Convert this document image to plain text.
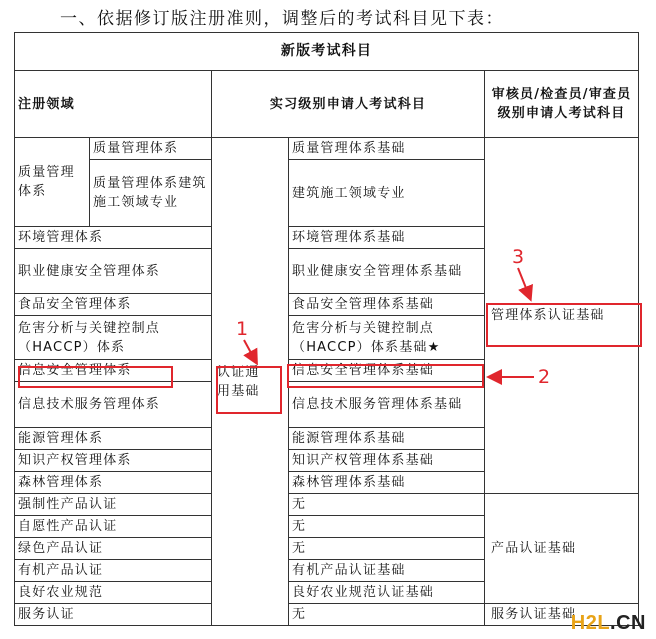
一、依据修订版注册准则，调整后的考试科目见下表：
新版考试科目				
注册领域		实习级别申请人考试科目		审核员/检查员/审查员级别申请人考试科目
质量管理体系	质量管理体系	认证通用基础	质量管理体系基础	管理体系认证基础
	质量管理体系建筑施工领域专业		建筑施工领域专业	
环境管理体系			环境管理体系基础	
职业健康安全管理体系			职业健康安全管理体系基础	
食品安全管理体系			食品安全管理体系基础	
危害分析与关键控制点（HACCP）体系			危害分析与关键控制点（HACCP）体系基础★	
信息安全管理体系			信息安全管理体系基础	
信息技术服务管理体系			信息技术服务管理体系基础	
能源管理体系			能源管理体系基础	
知识产权管理体系			知识产权管理体系基础	
森林管理体系			森林管理体系基础	
强制性产品认证			无	产品认证基础
自愿性产品认证			无	
绿色产品认证			无	
有机产品认证			有机产品认证基础	
良好农业规范			良好农业规范认证基础	
服务认证			无	服务认证基础
1
2
3
H2L.CN
